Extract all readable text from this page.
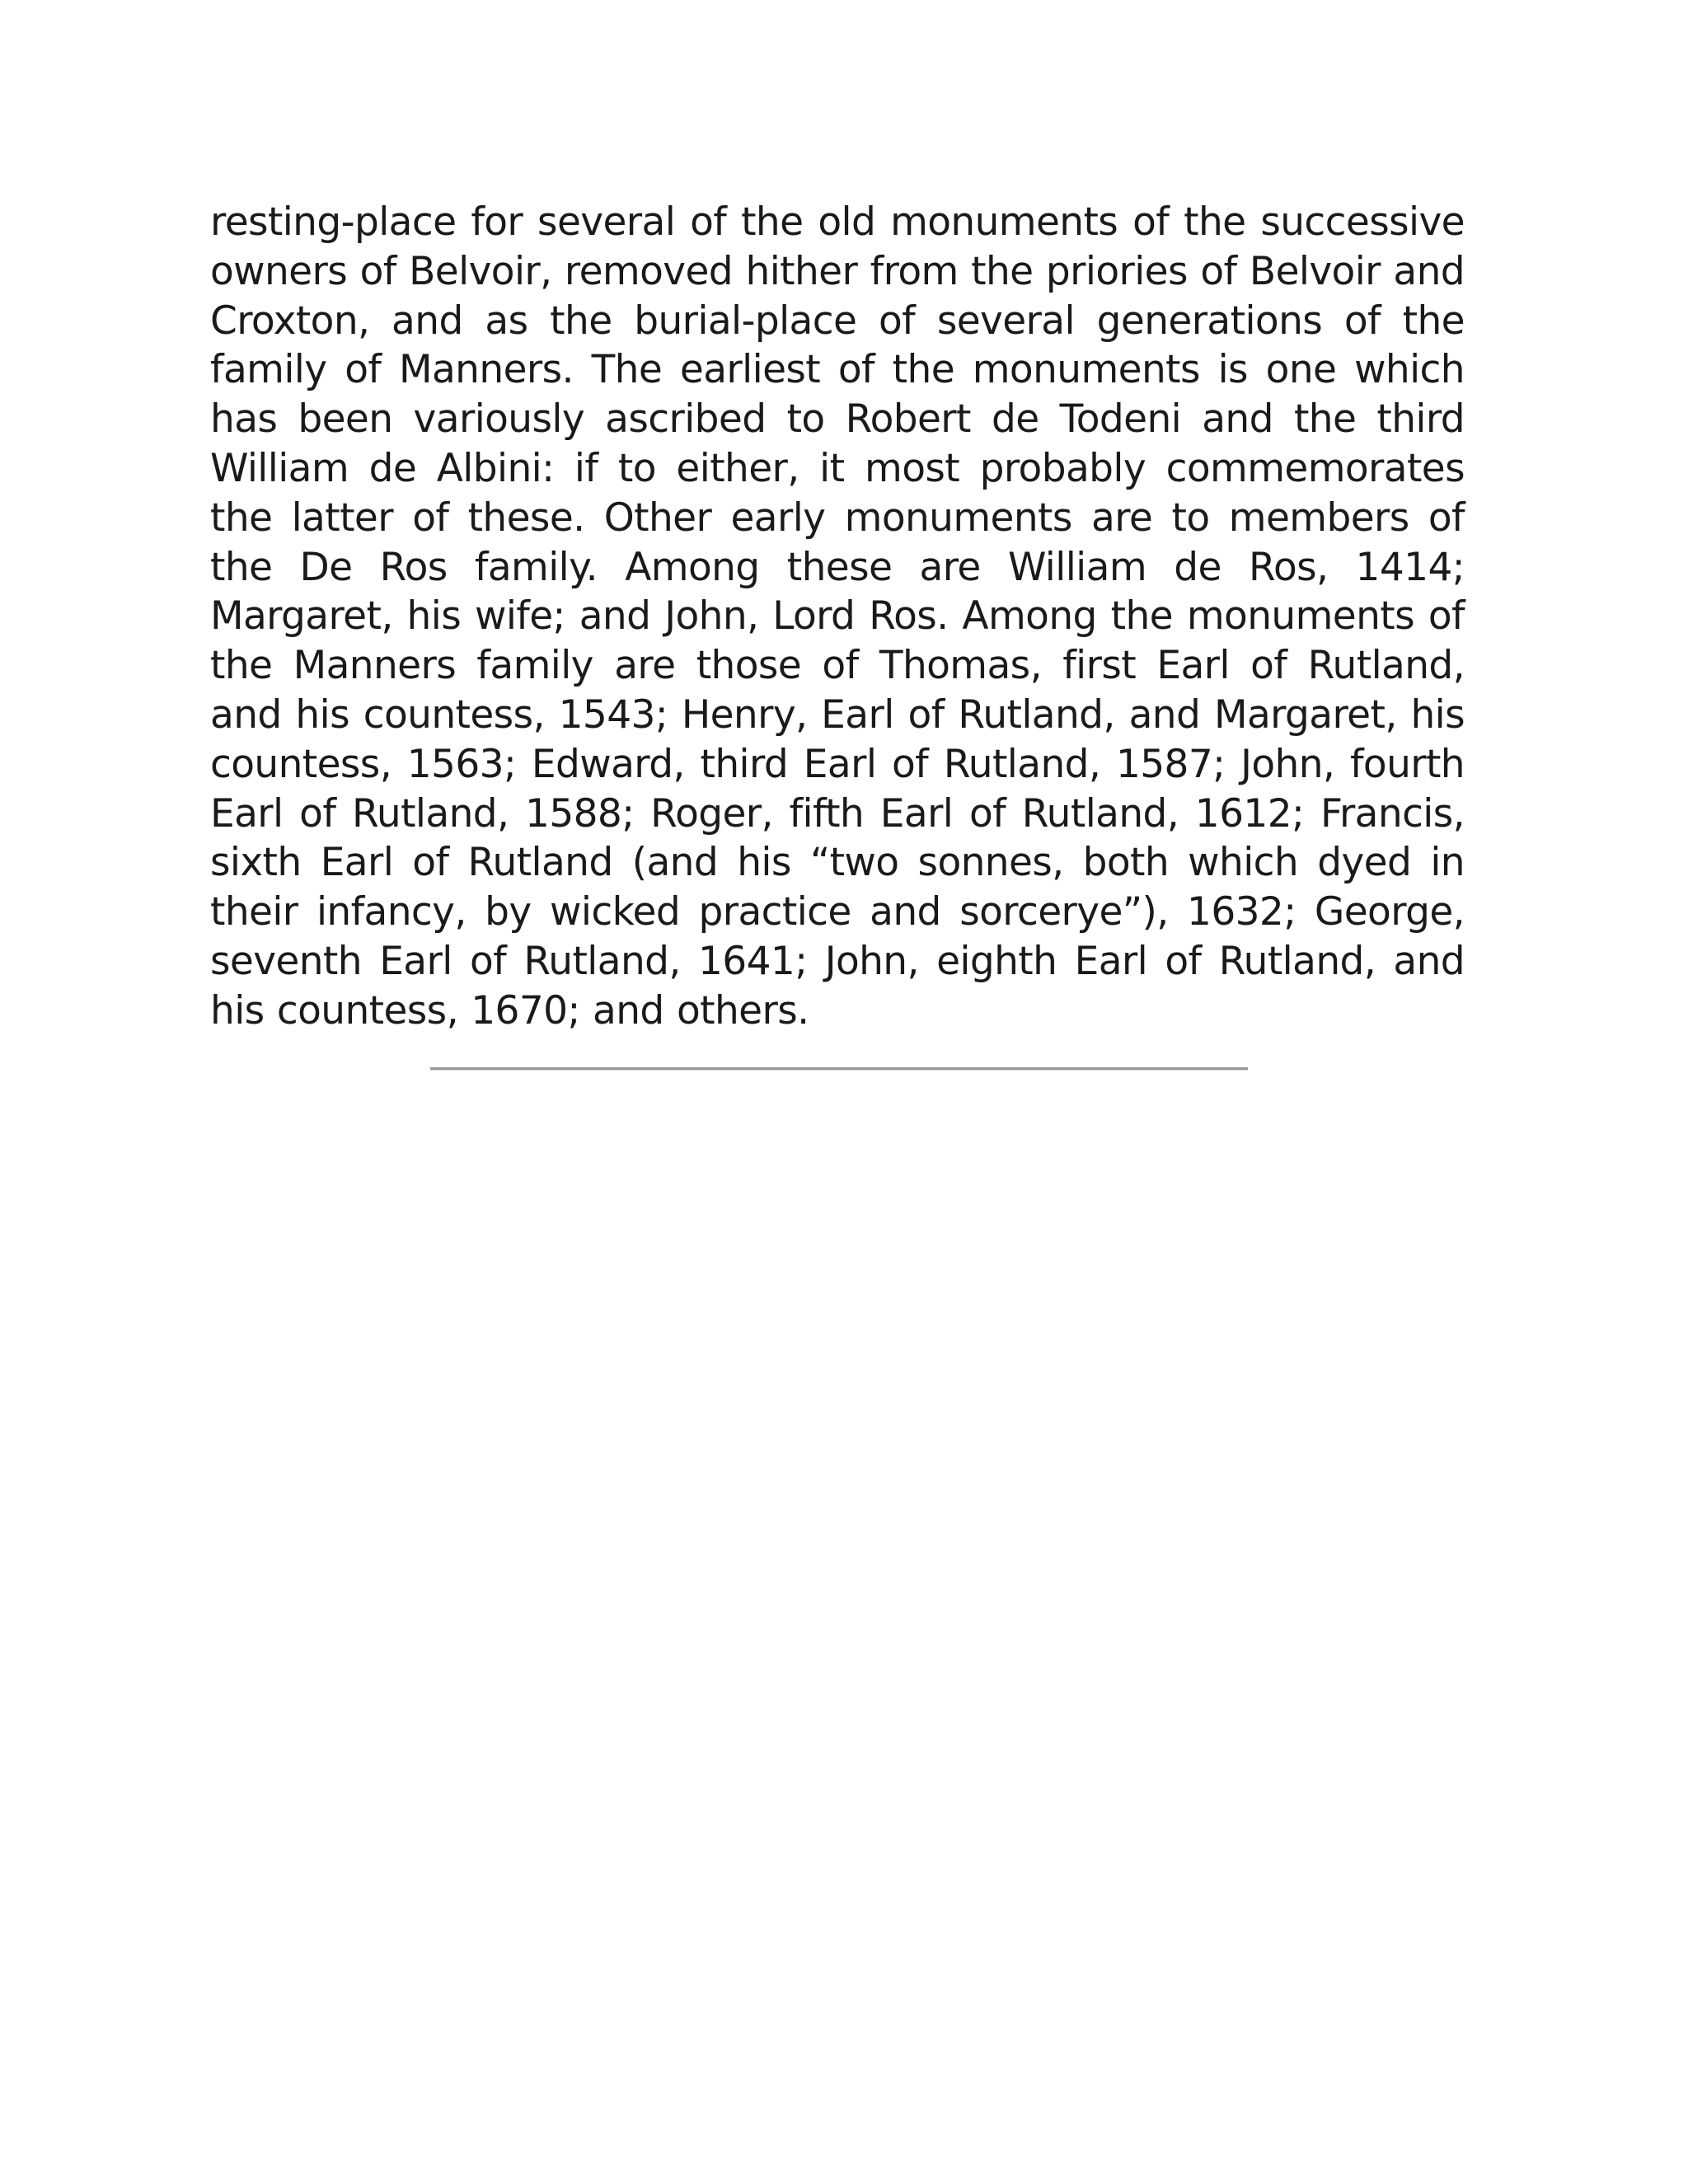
resting-place for several of the old monuments of the successive owners of Belvoir, removed hither from the priories of Belvoir and Croxton, and as the burial-place of several generations of the family of Manners. The earliest of the monuments is one which has been variously ascribed to Robert de Todeni and the third William de Albini: if to either, it most probably commemorates the latter of these. Other early monuments are to members of the De Ros family. Among these are William de Ros, 1414; Margaret, his wife; and John, Lord Ros. Among the monuments of the Manners family are those of Thomas, first Earl of Rutland, and his countess, 1543; Henry, Earl of Rutland, and Margaret, his countess, 1563; Edward, third Earl of Rutland, 1587; John, fourth Earl of Rutland, 1588; Roger, fifth Earl of Rutland, 1612; Francis, sixth Earl of Rutland (and his “two sonnes, both which dyed in their infancy, by wicked practice and sorcerye”), 1632; George, seventh Earl of Rutland, 1641; John, eighth Earl of Rutland, and his countess, 1670; and others.
